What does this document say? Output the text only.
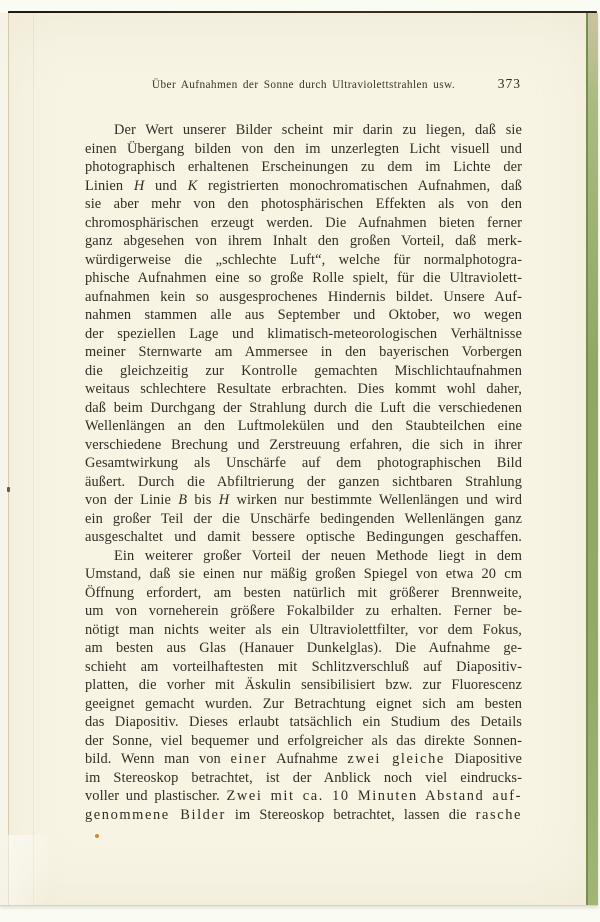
Über Aufnahmen der Sonne durch Ultraviolettstrahlen usw.	373
Der Wert unserer Bilder scheint mir darin zu liegen, daß sie
einen Übergang bilden von den im unzerlegten Licht visuell und
photographisch erhaltenen Erscheinungen zu dem im Lichte der
Linien H und K registrierten monochromatischen Aufnahmen, daß
sie aber mehr von den photosphärischen Effekten als von den
chromosphärischen erzeugt werden. Die Aufnahmen bieten ferner
ganz abgesehen von ihrem Inhalt den großen Vorteil, daß merk-
würdigerweise die „schlechte Luft“, welche für normalphotogra-
phische Aufnahmen eine so große Rolle spielt, für die Ultraviolett-
aufnahmen kein so ausgesprochenes Hindernis bildet. Unsere Auf-
nahmen stammen alle aus September und Oktober, wo wegen
der speziellen Lage und klimatisch-meteorologischen Verhältnisse
meiner Sternwarte am Ammersee in den bayerischen Vorbergen
die gleichzeitig zur Kontrolle gemachten Mischlichtaufnahmen
weitaus schlechtere Resultate erbrachten. Dies kommt wohl daher,
daß beim Durchgang der Strahlung durch die Luft die verschiedenen
Wellenlängen an den Luftmolekülen und den Staubteilchen eine
verschiedene Brechung und Zerstreuung erfahren, die sich in ihrer
Gesamtwirkung als Unschärfe auf dem photographischen Bild
äußert. Durch die Abfiltrierung der ganzen sichtbaren Strahlung
von der Linie B bis H wirken nur bestimmte Wellenlängen und wird
ein großer Teil der die Unschärfe bedingenden Wellenlängen ganz
ausgeschaltet und damit bessere optische Bedingungen geschaffen.
Ein weiterer großer Vorteil der neuen Methode liegt in dem
Umstand, daß sie einen nur mäßig großen Spiegel von etwa 20 cm
Öffnung erfordert, am besten natürlich mit größerer Brennweite,
um von vorneherein größere Fokalbilder zu erhalten. Ferner be-
nötigt man nichts weiter als ein Ultraviolettfilter, vor dem Fokus,
am besten aus Glas (Hanauer Dunkelglas). Die Aufnahme ge-
schieht am vorteilhaftesten mit Schlitzverschluß auf Diapositiv-
platten, die vorher mit Äskulin sensibilisiert bzw. zur Fluorescenz
geeignet gemacht wurden. Zur Betrachtung eignet sich am besten
das Diapositiv. Dieses erlaubt tatsächlich ein Studium des Details
der Sonne, viel bequemer und erfolgreicher als das direkte Sonnen-
bild. Wenn man von einer Aufnahme zwei gleiche Diapositive
im Stereoskop betrachtet, ist der Anblick noch viel eindrucks-
voller und plastischer. Zwei mit ca. 10 Minuten Abstand auf-
genommene Bilder im Stereoskop betrachtet, lassen die rasche
